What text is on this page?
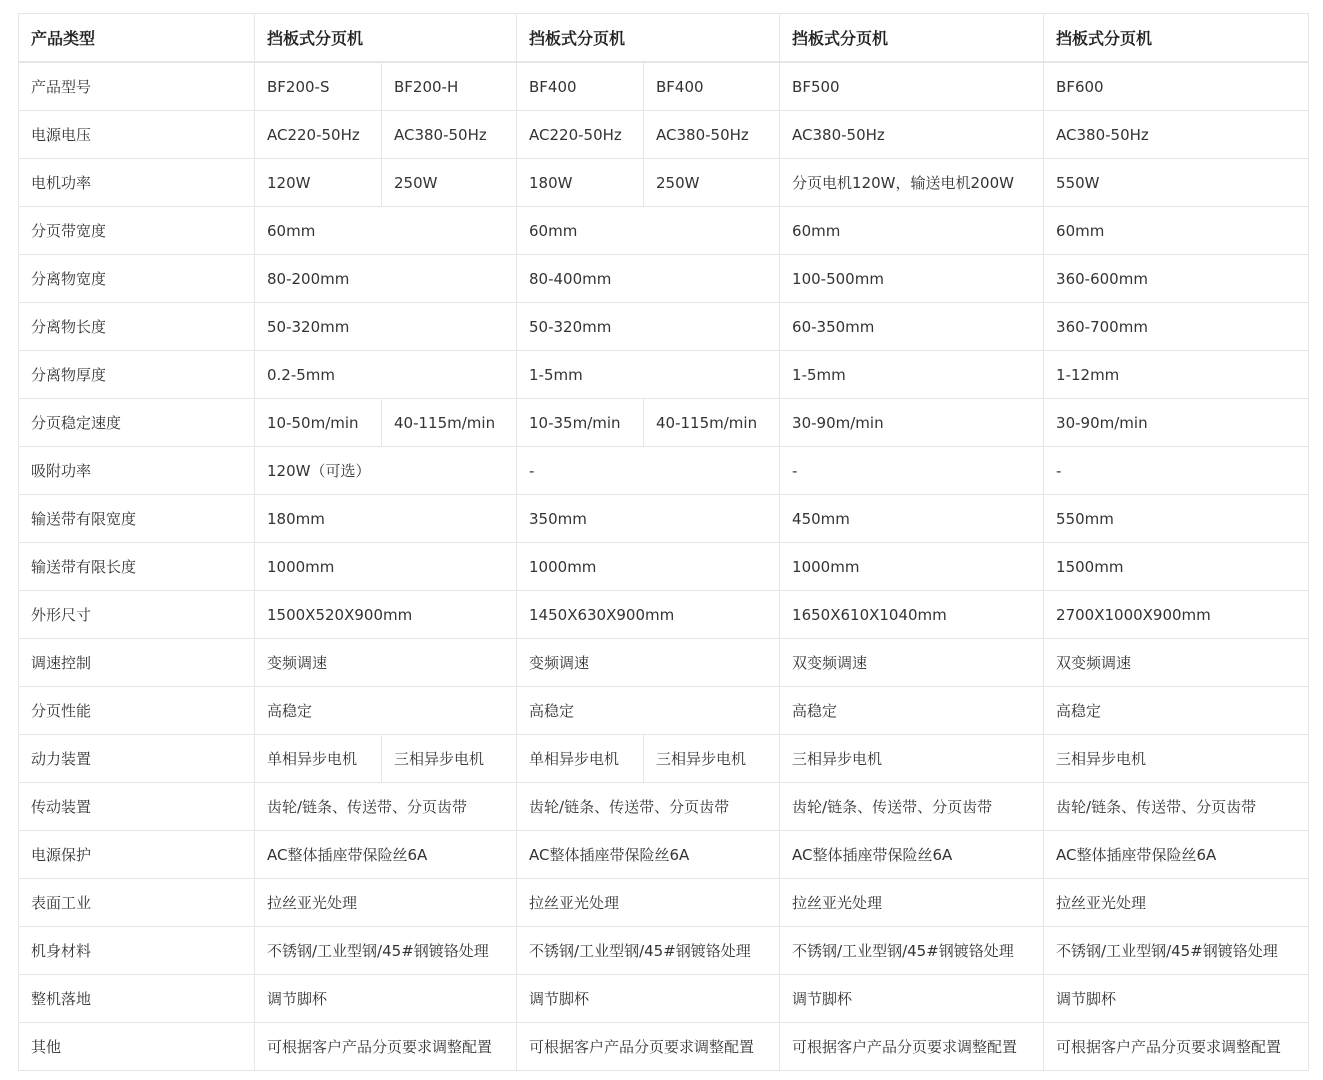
产品类型	挡板式分页机		挡板式分页机		挡板式分页机	挡板式分页机
产品型号	BF200-S	BF200-H	BF400	BF400	BF500	BF600
电源电压	AC220-50Hz	AC380-50Hz	AC220-50Hz	AC380-50Hz	AC380-50Hz	AC380-50Hz
电机功率	120W	250W	180W	250W	分页电机120W，输送电机200W	550W
分页带宽度	60mm		60mm		60mm	60mm
分离物宽度	80-200mm		80-400mm		100-500mm	360-600mm
分离物长度	50-320mm		50-320mm		60-350mm	360-700mm
分离物厚度	0.2-5mm		1-5mm		1-5mm	1-12mm
分页稳定速度	10-50m/min	40-115m/min	10-35m/min	40-115m/min	30-90m/min	30-90m/min
吸附功率	120W（可选）		-		-	-
输送带有限宽度	180mm		350mm		450mm	550mm
输送带有限长度	1000mm		1000mm		1000mm	1500mm
外形尺寸	1500X520X900mm		1450X630X900mm		1650X610X1040mm	2700X1000X900mm
调速控制	变频调速		变频调速		双变频调速	双变频调速
分页性能	高稳定		高稳定		高稳定	高稳定
动力装置	单相异步电机	三相异步电机	单相异步电机	三相异步电机	三相异步电机	三相异步电机
传动装置	齿轮/链条、传送带、分页齿带		齿轮/链条、传送带、分页齿带		齿轮/链条、传送带、分页齿带	齿轮/链条、传送带、分页齿带
电源保护	AC整体插座带保险丝6A		AC整体插座带保险丝6A		AC整体插座带保险丝6A	AC整体插座带保险丝6A
表面工业	拉丝亚光处理		拉丝亚光处理		拉丝亚光处理	拉丝亚光处理
机身材料	不锈钢/工业型钢/45#钢镀铬处理		不锈钢/工业型钢/45#钢镀铬处理		不锈钢/工业型钢/45#钢镀铬处理	不锈钢/工业型钢/45#钢镀铬处理
整机落地	调节脚杯		调节脚杯		调节脚杯	调节脚杯
其他	可根据客户产品分页要求调整配置		可根据客户产品分页要求调整配置		可根据客户产品分页要求调整配置	可根据客户产品分页要求调整配置
